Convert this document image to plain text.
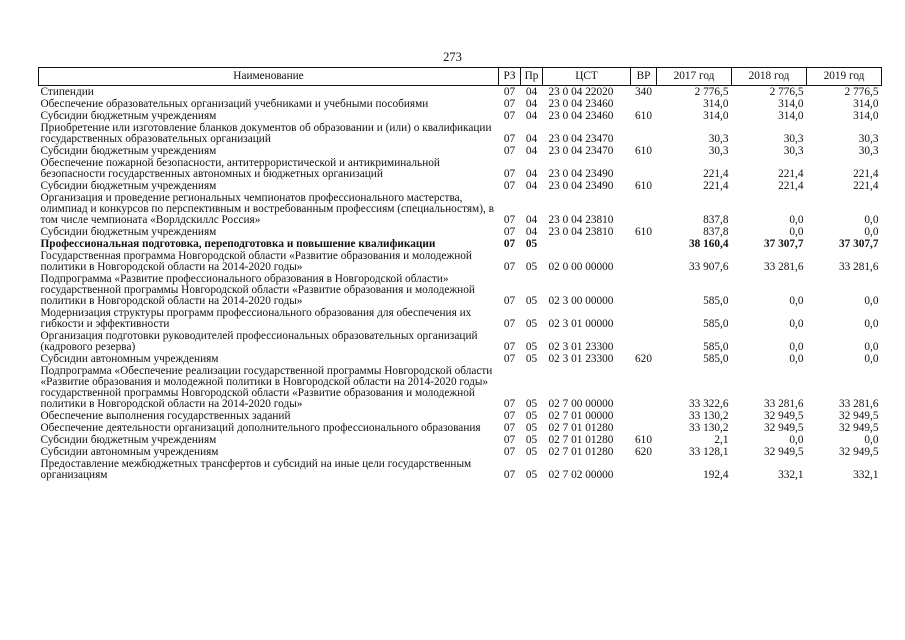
273
Наименование	РЗ	Пр	ЦСТ	ВР	2017 год	2018 год	2019 год
Стипендии	07	04	23 0 04 22020	340	2 776,5	2 776,5	2 776,5
Обеспечение образовательных организаций учебниками и учебными пособиями	07	04	23 0 04 23460		314,0	314,0	314,0
Субсидии бюджетным учреждениям	07	04	23 0 04 23460	610	314,0	314,0	314,0
Приобретение или изготовление бланков документов об образовании и (или) о квалификации государственных образовательных организаций	07	04	23 0 04 23470		30,3	30,3	30,3
Субсидии бюджетным учреждениям	07	04	23 0 04 23470	610	30,3	30,3	30,3
Обеспечение пожарной безопасности, антитеррористической и антикриминальной безопасности государственных автономных и бюджетных организаций	07	04	23 0 04 23490		221,4	221,4	221,4
Субсидии бюджетным учреждениям	07	04	23 0 04 23490	610	221,4	221,4	221,4
Организация и проведение региональных чемпионатов профессионального мастерства, олимпиад и конкурсов по перспективным и востребованным профессиям (специальностям), в том числе чемпионата «Ворлдскиллс Россия»	07	04	23 0 04 23810		837,8	0,0	0,0
Субсидии бюджетным учреждениям	07	04	23 0 04 23810	610	837,8	0,0	0,0
Профессиональная подготовка, переподготовка и повышение квалификации	07	05			38 160,4	37 307,7	37 307,7
Государственная программа Новгородской области «Развитие образования и молодежной политики в Новгородской области на 2014-2020 годы»	07	05	02 0 00 00000		33 907,6	33 281,6	33 281,6
Подпрограмма «Развитие профессионального образования в Новгородской области» государственной программы Новгородской области «Развитие образования и молодежной политики в Новгородской области на 2014-2020 годы»	07	05	02 3 00 00000		585,0	0,0	0,0
Модернизация структуры программ профессионального образования для обеспечения их гибкости и эффективности	07	05	02 3 01 00000		585,0	0,0	0,0
Организация подготовки руководителей профессиональных образовательных организаций (кадрового резерва)	07	05	02 3 01 23300		585,0	0,0	0,0
Субсидии автономным учреждениям	07	05	02 3 01 23300	620	585,0	0,0	0,0
Подпрограмма «Обеспечение реализации государственной программы Новгородской области «Развитие образования и молодежной политики в Новгородской области на 2014-2020 годы» государственной программы Новгородской области «Развитие образования и молодежной политики в Новгородской области на 2014-2020 годы»	07	05	02 7 00 00000		33 322,6	33 281,6	33 281,6
Обеспечение выполнения государственных заданий	07	05	02 7 01 00000		33 130,2	32 949,5	32 949,5
Обеспечение деятельности организаций дополнительного профессионального образования	07	05	02 7 01 01280		33 130,2	32 949,5	32 949,5
Субсидии бюджетным учреждениям	07	05	02 7 01 01280	610	2,1	0,0	0,0
Субсидии автономным учреждениям	07	05	02 7 01 01280	620	33 128,1	32 949,5	32 949,5
Предоставление межбюджетных трансфертов и субсидий на иные цели государственным организациям	07	05	02 7 02 00000		192,4	332,1	332,1
